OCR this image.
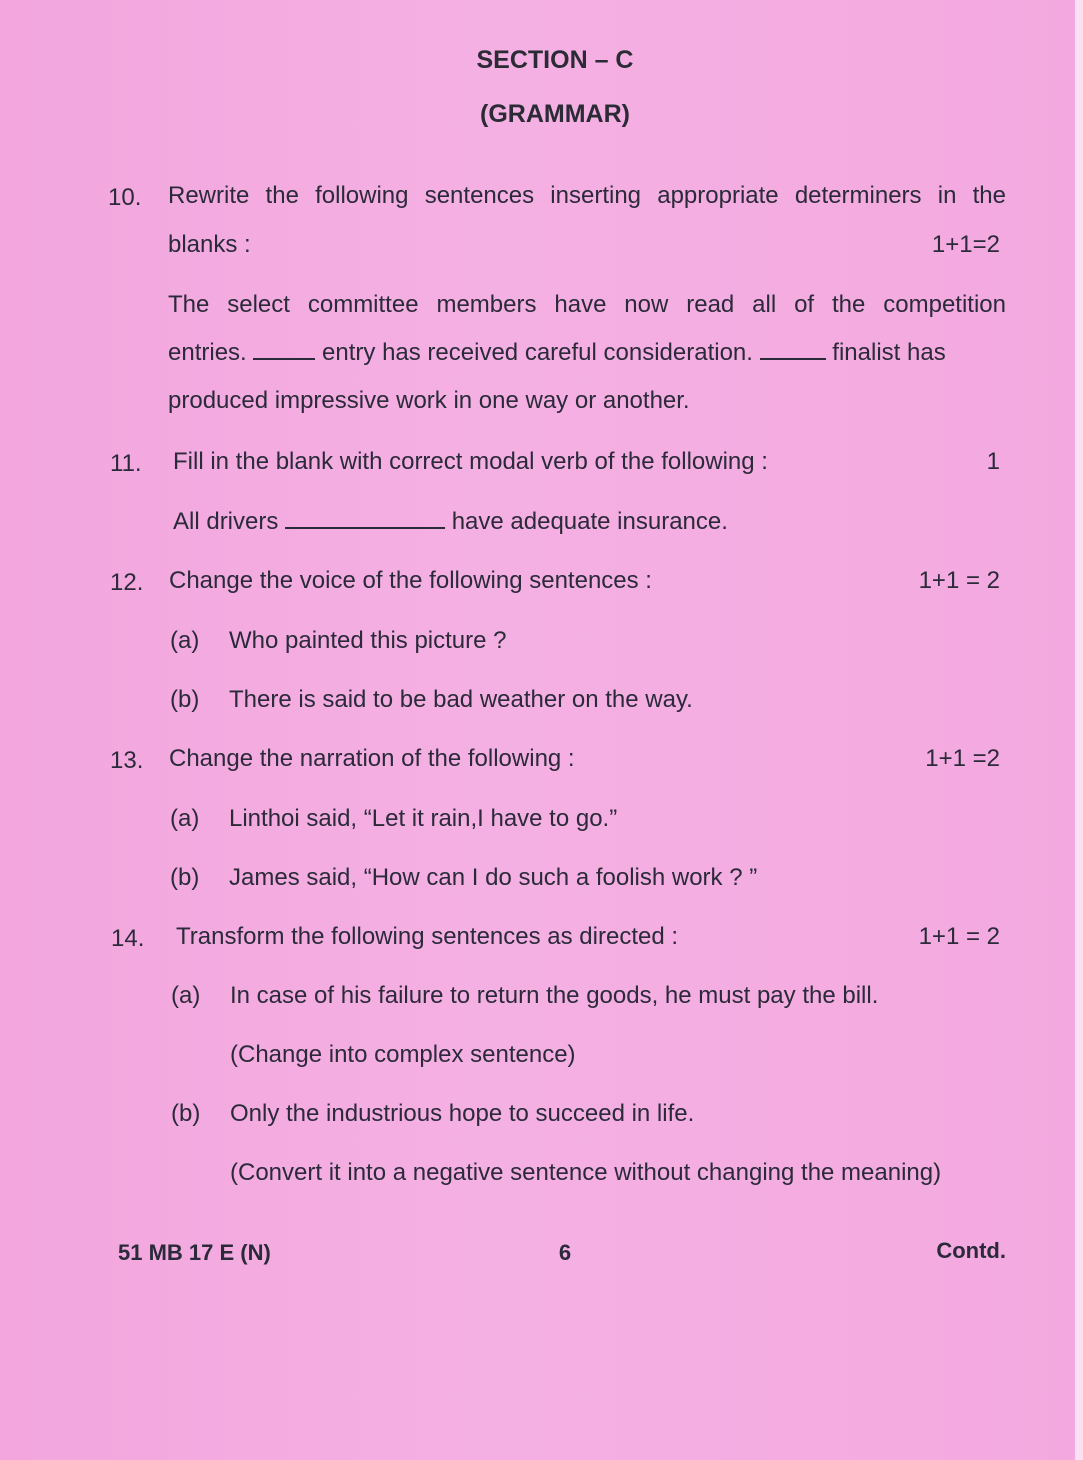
SECTION – C
(GRAMMAR)
10. Rewrite the following sentences inserting appropriate determiners in the
blanks :	1+1=2
The select committee members have now read all of the competition
entries.	entry has received careful consideration.	finalist has
produced impressive work in one way or another.
11. Fill in the blank with correct modal verb of the following :	1
All drivers	have adequate insurance.
12. Change the voice of the following sentences :	1+1 = 2
(a) Who painted this picture ?
(b) There is said to be bad weather on the way.
13. Change the narration of the following :	1+1 =2
(a) Linthoi said, “Let it rain,I have to go.”
(b) James said, “How can I do such a foolish work ? ”
14. Transform the following sentences as directed :	1+1 = 2
(a) In case of his failure to return the goods, he must pay the bill.
(Change into complex sentence)
(b) Only the industrious hope to succeed in life.
(Convert it into a negative sentence without changing the meaning)
51 MB 17 E (N)	6	Contd.
